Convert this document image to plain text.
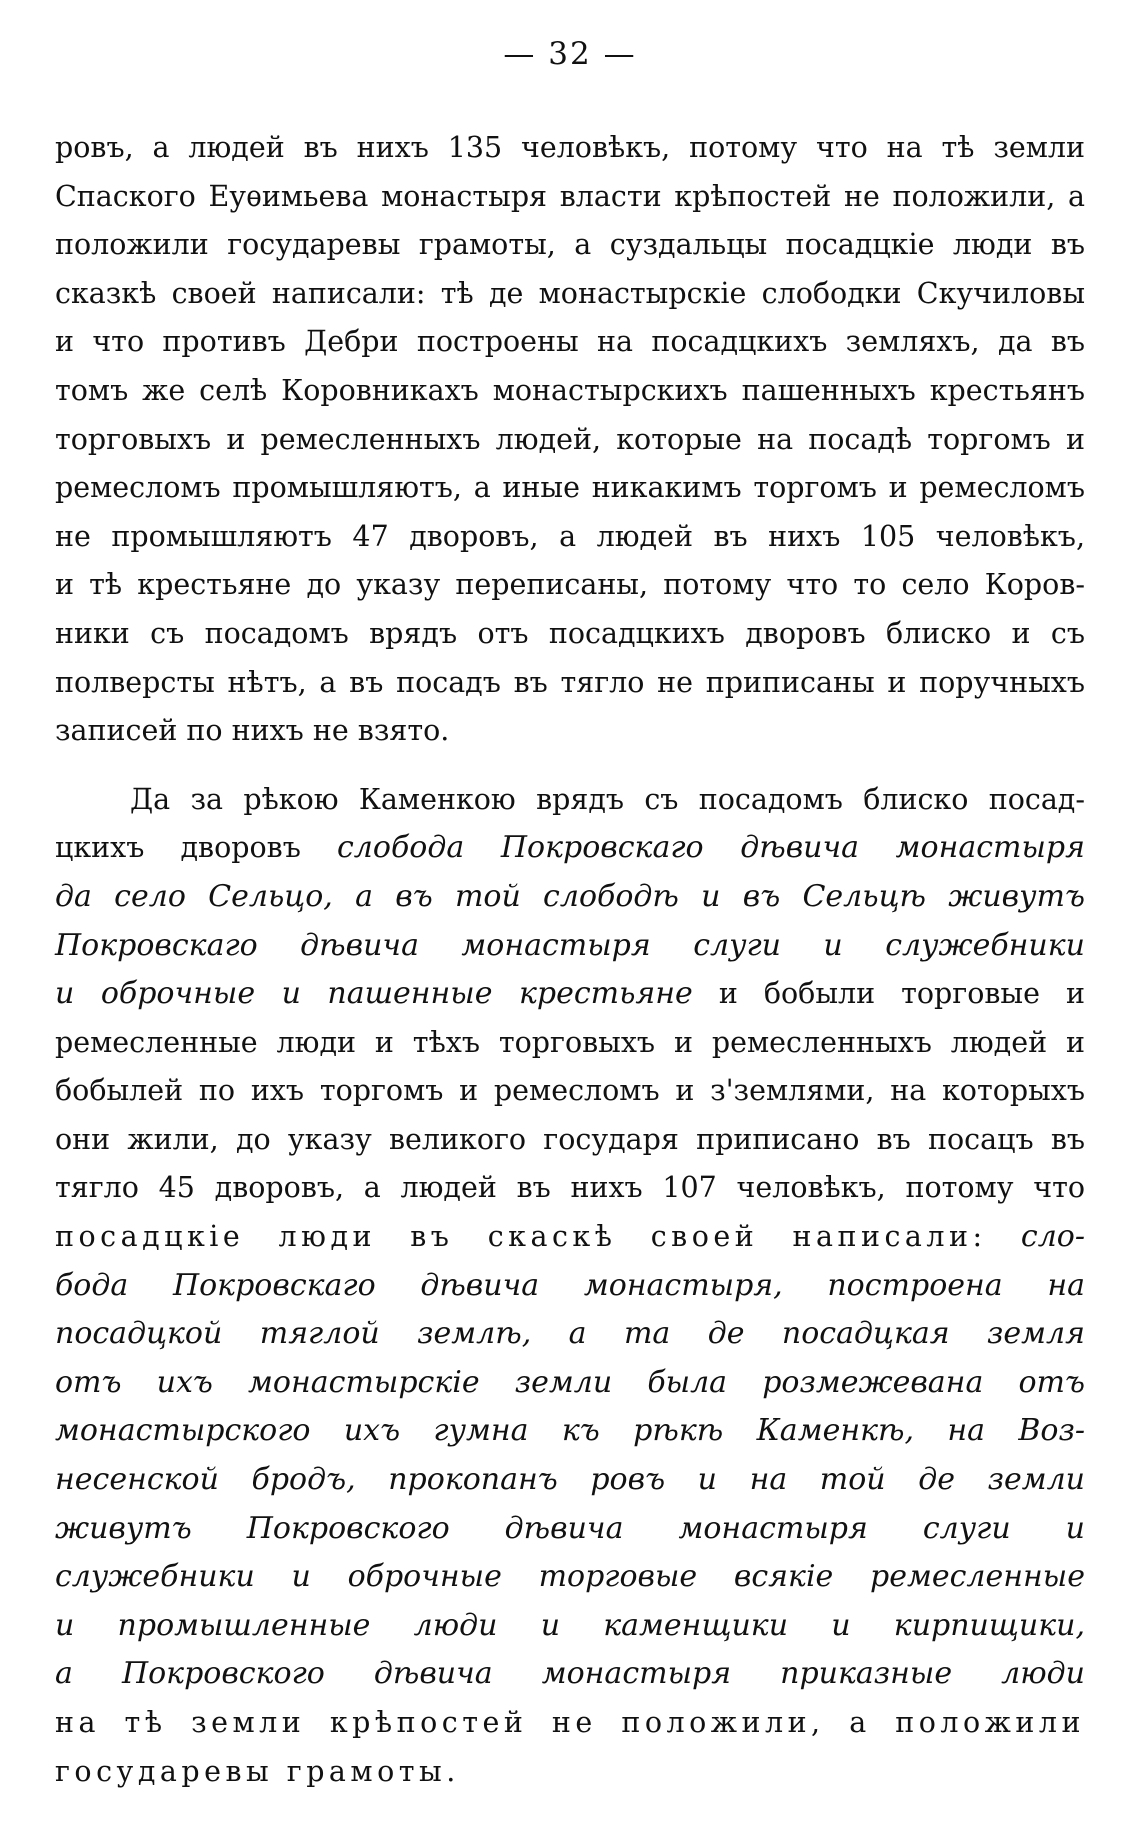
— 32 —

ровъ, а людей въ нихъ 135 человѣкъ, потому что на тѣ земли
Спаского Еуѳимьева монастыря власти крѣпостей не положили, а
положили государевы грамоты, а суздальцы посадцкіе люди въ
сказкѣ своей написали: тѣ де монастырскіе слободки Скучиловы
и что противъ Дебри построены на посадцкихъ земляхъ, да въ
томъ же селѣ Коровникахъ монастырскихъ пашенныхъ крестьянъ
торговыхъ и ремесленныхъ людей, которые на посадѣ торгомъ и
ремесломъ промышляютъ, а иные никакимъ торгомъ и ремесломъ
не промышляютъ 47 дворовъ, а людей въ нихъ 105 человѣкъ,
и тѣ крестьяне до указу переписаны, потому что то село Коров-
ники съ посадомъ врядъ отъ посадцкихъ дворовъ блиско и съ
полверсты нѣтъ, а въ посадъ въ тягло не приписаны и поручныхъ
записей по нихъ не взято.

Да за рѣкою Каменкою врядъ съ посадомъ блиско посад-
цкихъ дворовъ слобода Покровскаго дѣвича монастыря
да село Сельцо, а въ той слободѣ и въ Сельцѣ живутъ
Покровскаго дѣвича монастыря слуги и служебники
и оброчные и пашенные крестьяне и бобыли торговые и
ремесленные люди и тѣхъ торговыхъ и ремесленныхъ людей и
бобылей по ихъ торгомъ и ремесломъ и з'землями, на которыхъ
они жили, до указу великого государя приписано въ посацъ въ
тягло 45 дворовъ, а людей въ нихъ 107 человѣкъ, потому что
посадцкіе люди въ скаскѣ своей написали: сло-
бода Покровскаго дѣвича монастыря, построена на
посадцкой тяглой землѣ, а та де посадцкая земля
отъ ихъ монастырскіе земли была розмежевана отъ
монастырского ихъ гумна къ рѣкѣ Каменкѣ, на Воз-
несенской бродъ, прокопанъ ровъ и на той де земли
живутъ Покровского дѣвича монастыря слуги и
служебники и оброчные торговые всякіе ремесленные
и промышленные люди и каменщики и кирпищики,
а Покровского дѣвича монастыря приказные люди
на тѣ земли крѣпостей не положили, а положили
государевы грамоты.
